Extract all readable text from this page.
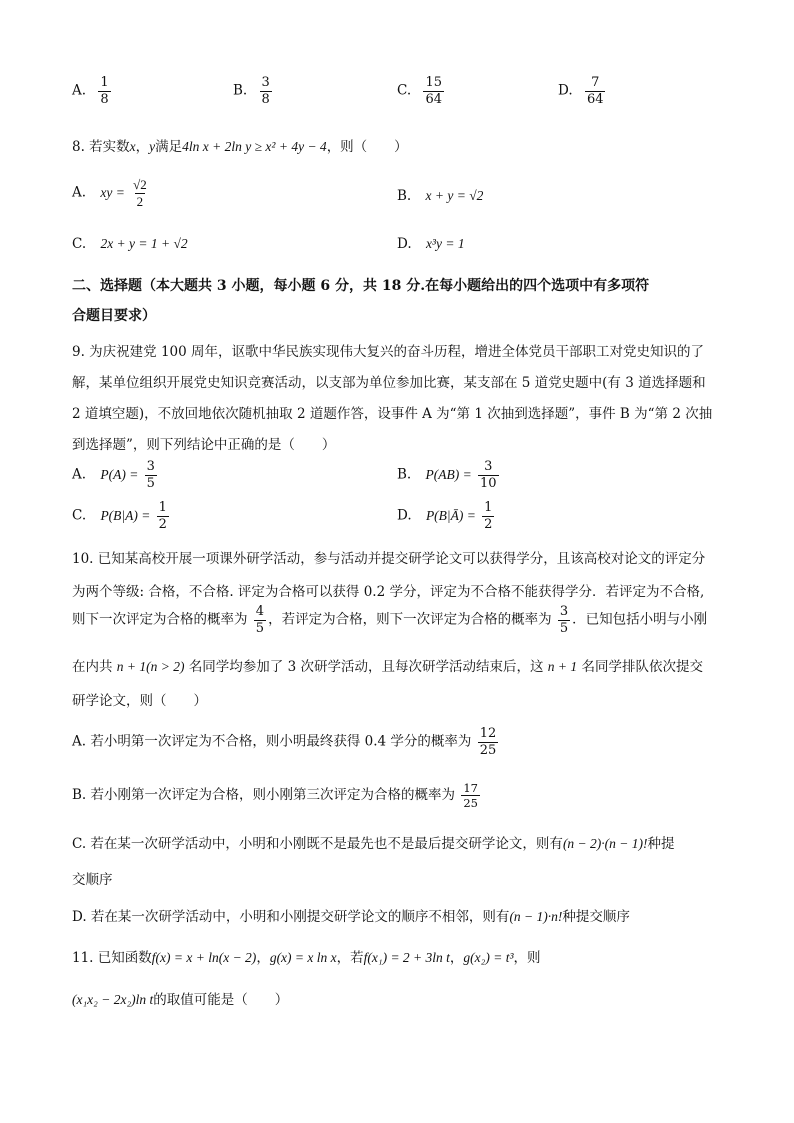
A. $\frac{1}{8}$	B. $\frac{3}{8}$	C. $\frac{15}{64}$	D. $\frac{7}{64}$
8. 若实数x，y满足4ln x + 2ln y ≥ x² + 4y − 4，则（　　）
A. xy = $\frac{√2}{2}$	B. x + y = √2
C. 2x + y = 1 + √2	D. x³y = 1
二、选择题（本大题共 3 小题，每小题 6 分，共 18 分.在每小题给出的四个选项中有多项符
合题目要求）
9. 为庆祝建党 100 周年，讴歌中华民族实现伟大复兴的奋斗历程，增进全体党员干部职工对党史知识的了
解，某单位组织开展党史知识竞赛活动，以支部为单位参加比赛，某支部在 5 道党史题中(有 3 道选择题和
2 道填空题)，不放回地依次随机抽取 2 道题作答，设事件 A 为“第 1 次抽到选择题”，事件 B 为“第 2 次抽
到选择题”，则下列结论中正确的是（　　）
A. $P(A) = \frac{3}{5}$	B. $P(AB) = \frac{3}{10}$
C. $P(B|A) = \frac{1}{2}$	D. P(B|Ā) = $\frac{1}{2}$
10. 已知某高校开展一项课外研学活动，参与活动并提交研学论文可以获得学分，且该高校对论文的评定分
为两个等级: 合格，不合格. 评定为合格可以获得 0.2 学分，评定为不合格不能获得学分．若评定为不合格,
则下一次评定为合格的概率为 $\frac{4}{5}$ ，若评定为合格，则下一次评定为合格的概率为 $\frac{3}{5}$ ．已知包括小明与小刚
在内共 n + 1(n > 2) 名同学均参加了 3 次研学活动，且每次研学活动结束后，这 n + 1 名同学排队依次提交
研学论文，则（　　）
A. 若小明第一次评定为不合格，则小明最终获得 0.4 学分的概率为 $\frac{12}{25}$
B. 若小刚第一次评定为合格，则小刚第三次评定为合格的概率为 $\frac{17}{25}$
C. 若在某一次研学活动中，小明和小刚既不是最先也不是最后提交研学论文，则有(n − 2)·(n − 1)!种提
交顺序
D. 若在某一次研学活动中，小明和小刚提交研学论文的顺序不相邻，则有(n − 1)·n!种提交顺序
11. 已知函数f(x) = x + ln(x − 2)，g(x) = x ln x，若f(x₁) = 2 + 3ln t，g(x₂) = t³，则
(x₁x₂ − 2x₂)ln t的取值可能是（　　）
